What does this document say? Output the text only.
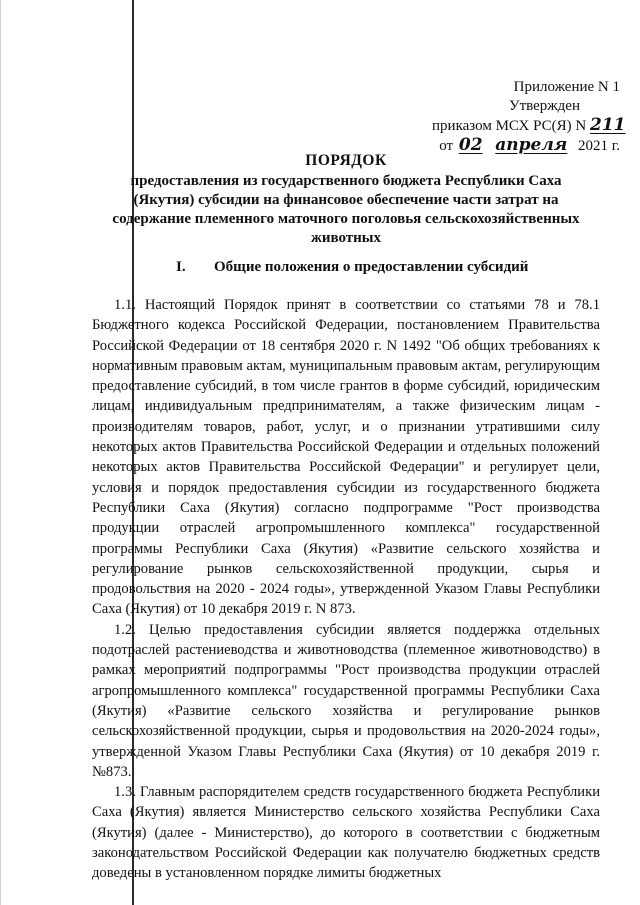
Приложение N 1
Утвержден
приказом МСХ РС(Я) N 211
от 02 апреля 2021 г.
ПОРЯДОК
предоставления из государственного бюджета Республики Саха
(Якутия) субсидии на финансовое обеспечение части затрат на
содержание племенного маточного поголовья сельскохозяйственных
животных
I. Общие положения о предоставлении субсидий

1.1. Настоящий Порядок принят в соответствии со статьями 78 и 78.1 Бюджетного кодекса Российской Федерации, постановлением Правительства Российской Федерации от 18 сентября 2020 г. N 1492 "Об общих требованиях к нормативным правовым актам, муниципальным правовым актам, регулирующим предоставление субсидий, в том числе грантов в форме субсидий, юридическим лицам, индивидуальным предпринимателям, а также физическим лицам - производителям товаров, работ, услуг, и о признании утратившими силу некоторых актов Правительства Российской Федерации и отдельных положений некоторых актов Правительства Российской Федерации" и регулирует цели, условия и порядок предоставления субсидии из государственного бюджета Республики Саха (Якутия) согласно подпрограмме "Рост производства продукции отраслей агропромышленного комплекса" государственной программы Республики Саха (Якутия) «Развитие сельского хозяйства и регулирование рынков сельскохозяйственной продукции, сырья и продовольствия на 2020 - 2024 годы», утвержденной Указом Главы Республики Саха (Якутия) от 10 декабря 2019 г. N 873.

1.2. Целью предоставления субсидии является поддержка отдельных подотраслей растениеводства и животноводства (племенное животноводство) в рамках мероприятий подпрограммы "Рост производства продукции отраслей агропромышленного комплекса" государственной программы Республики Саха (Якутия) «Развитие сельского хозяйства и регулирование рынков сельскохозяйственной продукции, сырья и продовольствия на 2020-2024 годы», утвержденной Указом Главы Республики Саха (Якутия) от 10 декабря 2019 г. №873.

1.3. Главным распорядителем средств государственного бюджета Республики Саха (Якутия) является Министерство сельского хозяйства Республики Саха (Якутия) (далее - Министерство), до которого в соответствии с бюджетным законодательством Российской Федерации как получателю бюджетных средств доведены в установленном порядке лимиты бюджетных
